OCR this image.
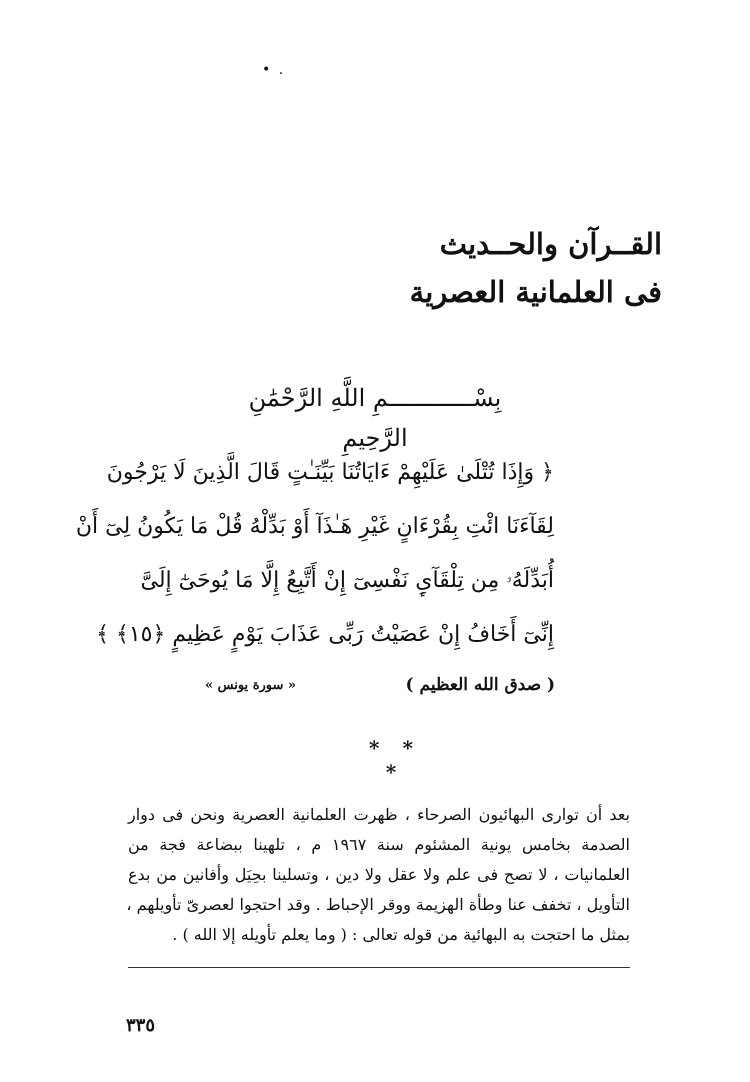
• .
القــرآن والحــديث
فى العلمانية العصرية
بِسْــــــــــــمِ اللَّهِ الرَّحْمَٰنِ الرَّحِيمِ
﴿ وَإِذَا تُتْلَىٰ عَلَيْهِمْ ءَايَاتُنَا بَيِّنَـٰتٍ قَالَ الَّذِينَ لَا يَرْجُونَ
لِقَآءَنَا ائْتِ بِقُرْءَانٍ غَيْرِ هَـٰذَآ أَوْ بَدِّلْهُ قُلْ مَا يَكُونُ لِىٓ أَنْ
أُبَدِّلَهُۥ مِن تِلْقَآىِٕ نَفْسِىٓ إِنْ أَتَّبِعُ إِلَّا مَا يُوحَىٰٓ إِلَىَّ
إِنِّىٓ أَخَافُ إِنْ عَصَيْتُ رَبِّى عَذَابَ يَوْمٍ عَظِيمٍ ﴿١٥﴾ ﴾
( صدق الله العظيم )
« سورة يونس »
* * *
بعد أن توارى البهائيون الصرحاء ، ظهرت العلمانية العصرية ونحن فى دوار
الصدمة بخامس يونية المشئوم سنة ١٩٦٧ م ، تلهينا ببضاعة فجة من
العلمانيات ، لا تصح فى علم ولا عقل ولا دين ، وتسلينا بحِيَل وأفانين من بدع
التأويل ، تخفف عنا وطأة الهزيمة ووقر الإحباط . وقد احتجوا لعصرىّ تأويلهم ،
بمثل ما احتجت به البهائية من قوله تعالى : ( وما يعلم تأويله إلا الله ) .
٣٣٥
